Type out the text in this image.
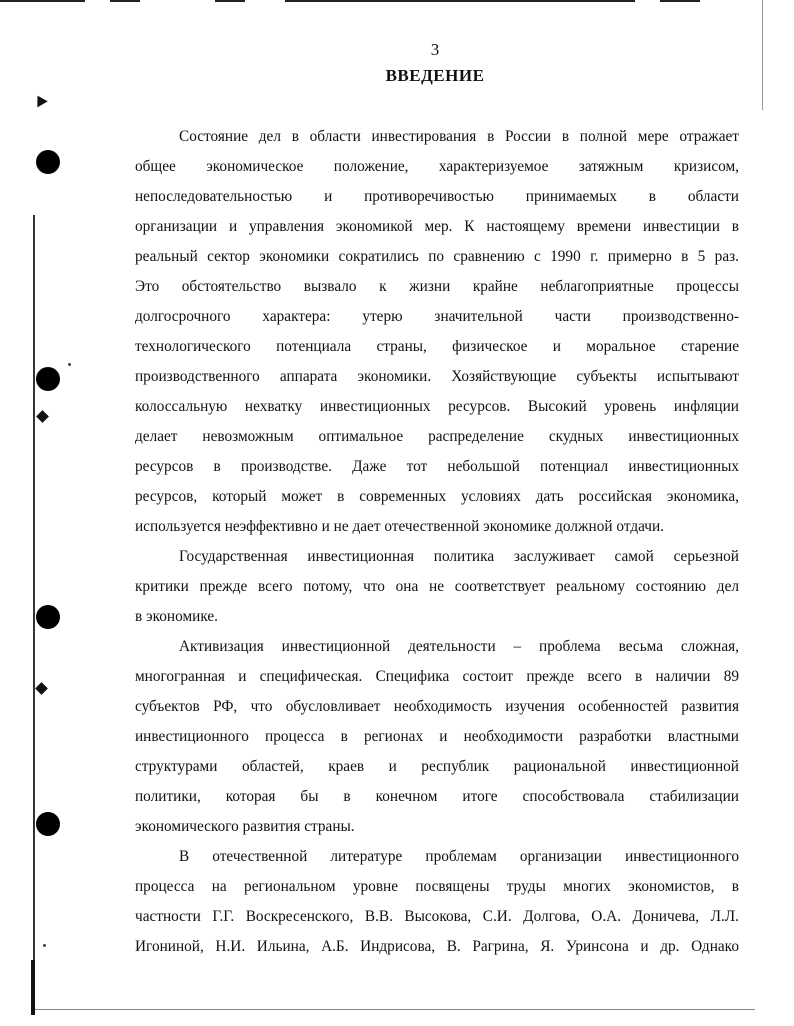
3
ВВЕДЕНИЕ
Состояние дел в области инвестирования в России в полной мере отражает
общее экономическое положение, характеризуемое затяжным кризисом,
непоследовательностью и противоречивостью принимаемых в области
организации и управления экономикой мер. К настоящему времени инвестиции в
реальный сектор экономики сократились по сравнению с 1990 г. примерно в 5 раз.
Это обстоятельство вызвало к жизни крайне неблагоприятные процессы
долгосрочного характера: утерю значительной части производственно-
технологического потенциала страны, физическое и моральное старение
производственного аппарата экономики. Хозяйствующие субъекты испытывают
колоссальную нехватку инвестиционных ресурсов. Высокий уровень инфляции
делает невозможным оптимальное распределение скудных инвестиционных
ресурсов в производстве. Даже тот небольшой потенциал инвестиционных
ресурсов, который может в современных условиях дать российская экономика,
используется неэффективно и не дает отечественной экономике должной отдачи.
Государственная инвестиционная политика заслуживает самой серьезной
критики прежде всего потому, что она не соответствует реальному состоянию дел
в экономике.
Активизация инвестиционной деятельности – проблема весьма сложная,
многогранная и специфическая. Специфика состоит прежде всего в наличии 89
субъектов РФ, что обусловливает необходимость изучения особенностей развития
инвестиционного процесса в регионах и необходимости разработки властными
структурами областей, краев и республик рациональной инвестиционной
политики, которая бы в конечном итоге способствовала стабилизации
экономического развития страны.
В отечественной литературе проблемам организации инвестиционного
процесса на региональном уровне посвящены труды многих экономистов, в
частности Г.Г. Воскресенского, В.В. Высокова, С.И. Долгова, О.А. Доничева, Л.Л.
Игониной, Н.И. Ильина, А.Б. Индрисова, В. Рагрина, Я. Уринсона и др. Однако
